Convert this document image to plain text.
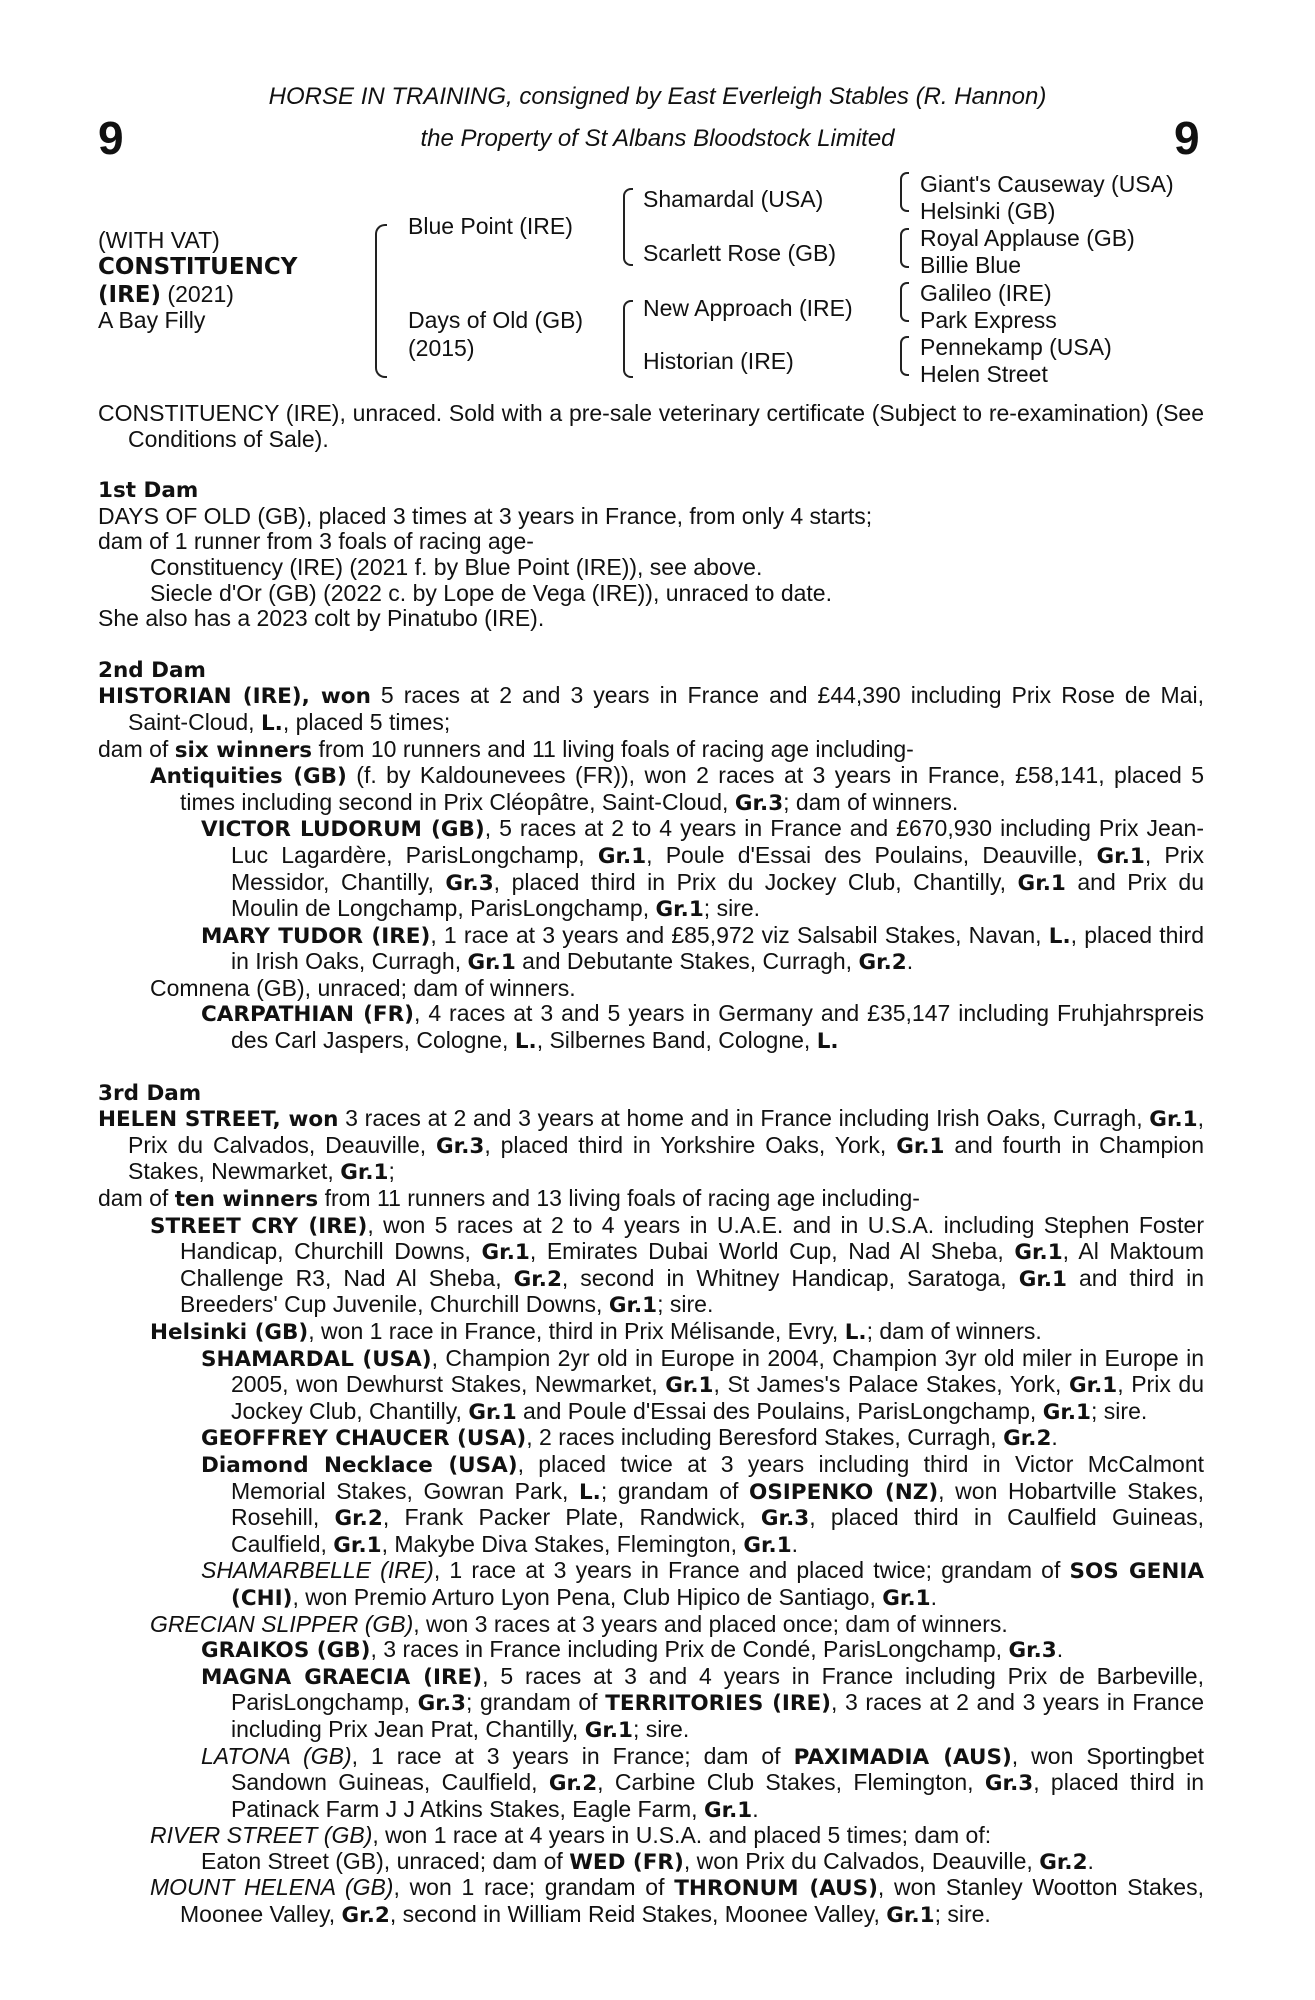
9	9
HORSE IN TRAINING, consigned by East Everleigh Stables (R. Hannon)
the Property of St Albans Bloodstock Limited
(WITH VAT)
CONSTITUENCY
(IRE) (2021)
A Bay Filly
Blue Point (IRE)
Days of Old (GB)
(2015)
Shamardal (USA)
Scarlett Rose (GB)
New Approach (IRE)
Historian (IRE)
Giant's Causeway (USA)
Helsinki (GB)
Royal Applause (GB)
Billie Blue
Galileo (IRE)
Park Express
Pennekamp (USA)
Helen Street

CONSTITUENCY (IRE), unraced. Sold with a pre-sale veterinary certificate (Subject to re-examination) (See Conditions of Sale).

1st Dam

DAYS OF OLD (GB), placed 3 times at 3 years in France, from only 4 starts;

dam of 1 runner from 3 foals of racing age-

Constituency (IRE) (2021 f. by Blue Point (IRE)), see above.

Siecle d'Or (GB) (2022 c. by Lope de Vega (IRE)), unraced to date.

She also has a 2023 colt by Pinatubo (IRE).

2nd Dam

HISTORIAN (IRE), won 5 races at 2 and 3 years in France and £44,390 including Prix Rose de Mai, Saint-Cloud, L., placed 5 times;

dam of six winners from 10 runners and 11 living foals of racing age including-

Antiquities (GB) (f. by Kaldounevees (FR)), won 2 races at 3 years in France, £58,141, placed 5 times including second in Prix Cléopâtre, Saint-Cloud, Gr.3; dam of winners.

VICTOR LUDORUM (GB), 5 races at 2 to 4 years in France and £670,930 including Prix Jean-Luc Lagardère, ParisLongchamp, Gr.1, Poule d'Essai des Poulains, Deauville, Gr.1, Prix Messidor, Chantilly, Gr.3, placed third in Prix du Jockey Club, Chantilly, Gr.1 and Prix du Moulin de Longchamp, ParisLongchamp, Gr.1; sire.

MARY TUDOR (IRE), 1 race at 3 years and £85,972 viz Salsabil Stakes, Navan, L., placed third in Irish Oaks, Curragh, Gr.1 and Debutante Stakes, Curragh, Gr.2.

Comnena (GB), unraced; dam of winners.

CARPATHIAN (FR), 4 races at 3 and 5 years in Germany and £35,147 including Fruhjahrspreis des Carl Jaspers, Cologne, L., Silbernes Band, Cologne, L.

3rd Dam

HELEN STREET, won 3 races at 2 and 3 years at home and in France including Irish Oaks, Curragh, Gr.1, Prix du Calvados, Deauville, Gr.3, placed third in Yorkshire Oaks, York, Gr.1 and fourth in Champion Stakes, Newmarket, Gr.1;

dam of ten winners from 11 runners and 13 living foals of racing age including-

STREET CRY (IRE), won 5 races at 2 to 4 years in U.A.E. and in U.S.A. including Stephen Foster Handicap, Churchill Downs, Gr.1, Emirates Dubai World Cup, Nad Al Sheba, Gr.1, Al Maktoum Challenge R3, Nad Al Sheba, Gr.2, second in Whitney Handicap, Saratoga, Gr.1 and third in Breeders' Cup Juvenile, Churchill Downs, Gr.1; sire.

Helsinki (GB), won 1 race in France, third in Prix Mélisande, Evry, L.; dam of winners.

SHAMARDAL (USA), Champion 2yr old in Europe in 2004, Champion 3yr old miler in Europe in 2005, won Dewhurst Stakes, Newmarket, Gr.1, St James's Palace Stakes, York, Gr.1, Prix du Jockey Club, Chantilly, Gr.1 and Poule d'Essai des Poulains, ParisLongchamp, Gr.1; sire.

GEOFFREY CHAUCER (USA), 2 races including Beresford Stakes, Curragh, Gr.2.

Diamond Necklace (USA), placed twice at 3 years including third in Victor McCalmont Memorial Stakes, Gowran Park, L.; grandam of OSIPENKO (NZ), won Hobartville Stakes, Rosehill, Gr.2, Frank Packer Plate, Randwick, Gr.3, placed third in Caulfield Guineas, Caulfield, Gr.1, Makybe Diva Stakes, Flemington, Gr.1.

SHAMARBELLE (IRE), 1 race at 3 years in France and placed twice; grandam of SOS GENIA (CHI), won Premio Arturo Lyon Pena, Club Hipico de Santiago, Gr.1.

GRECIAN SLIPPER (GB), won 3 races at 3 years and placed once; dam of winners.

GRAIKOS (GB), 3 races in France including Prix de Condé, ParisLongchamp, Gr.3.

MAGNA GRAECIA (IRE), 5 races at 3 and 4 years in France including Prix de Barbeville, ParisLongchamp, Gr.3; grandam of TERRITORIES (IRE), 3 races at 2 and 3 years in France including Prix Jean Prat, Chantilly, Gr.1; sire.

LATONA (GB), 1 race at 3 years in France; dam of PAXIMADIA (AUS), won Sportingbet Sandown Guineas, Caulfield, Gr.2, Carbine Club Stakes, Flemington, Gr.3, placed third in Patinack Farm J J Atkins Stakes, Eagle Farm, Gr.1.

RIVER STREET (GB), won 1 race at 4 years in U.S.A. and placed 5 times; dam of:

Eaton Street (GB), unraced; dam of WED (FR), won Prix du Calvados, Deauville, Gr.2.

MOUNT HELENA (GB), won 1 race; grandam of THRONUM (AUS), won Stanley Wootton Stakes, Moonee Valley, Gr.2, second in William Reid Stakes, Moonee Valley, Gr.1; sire.
